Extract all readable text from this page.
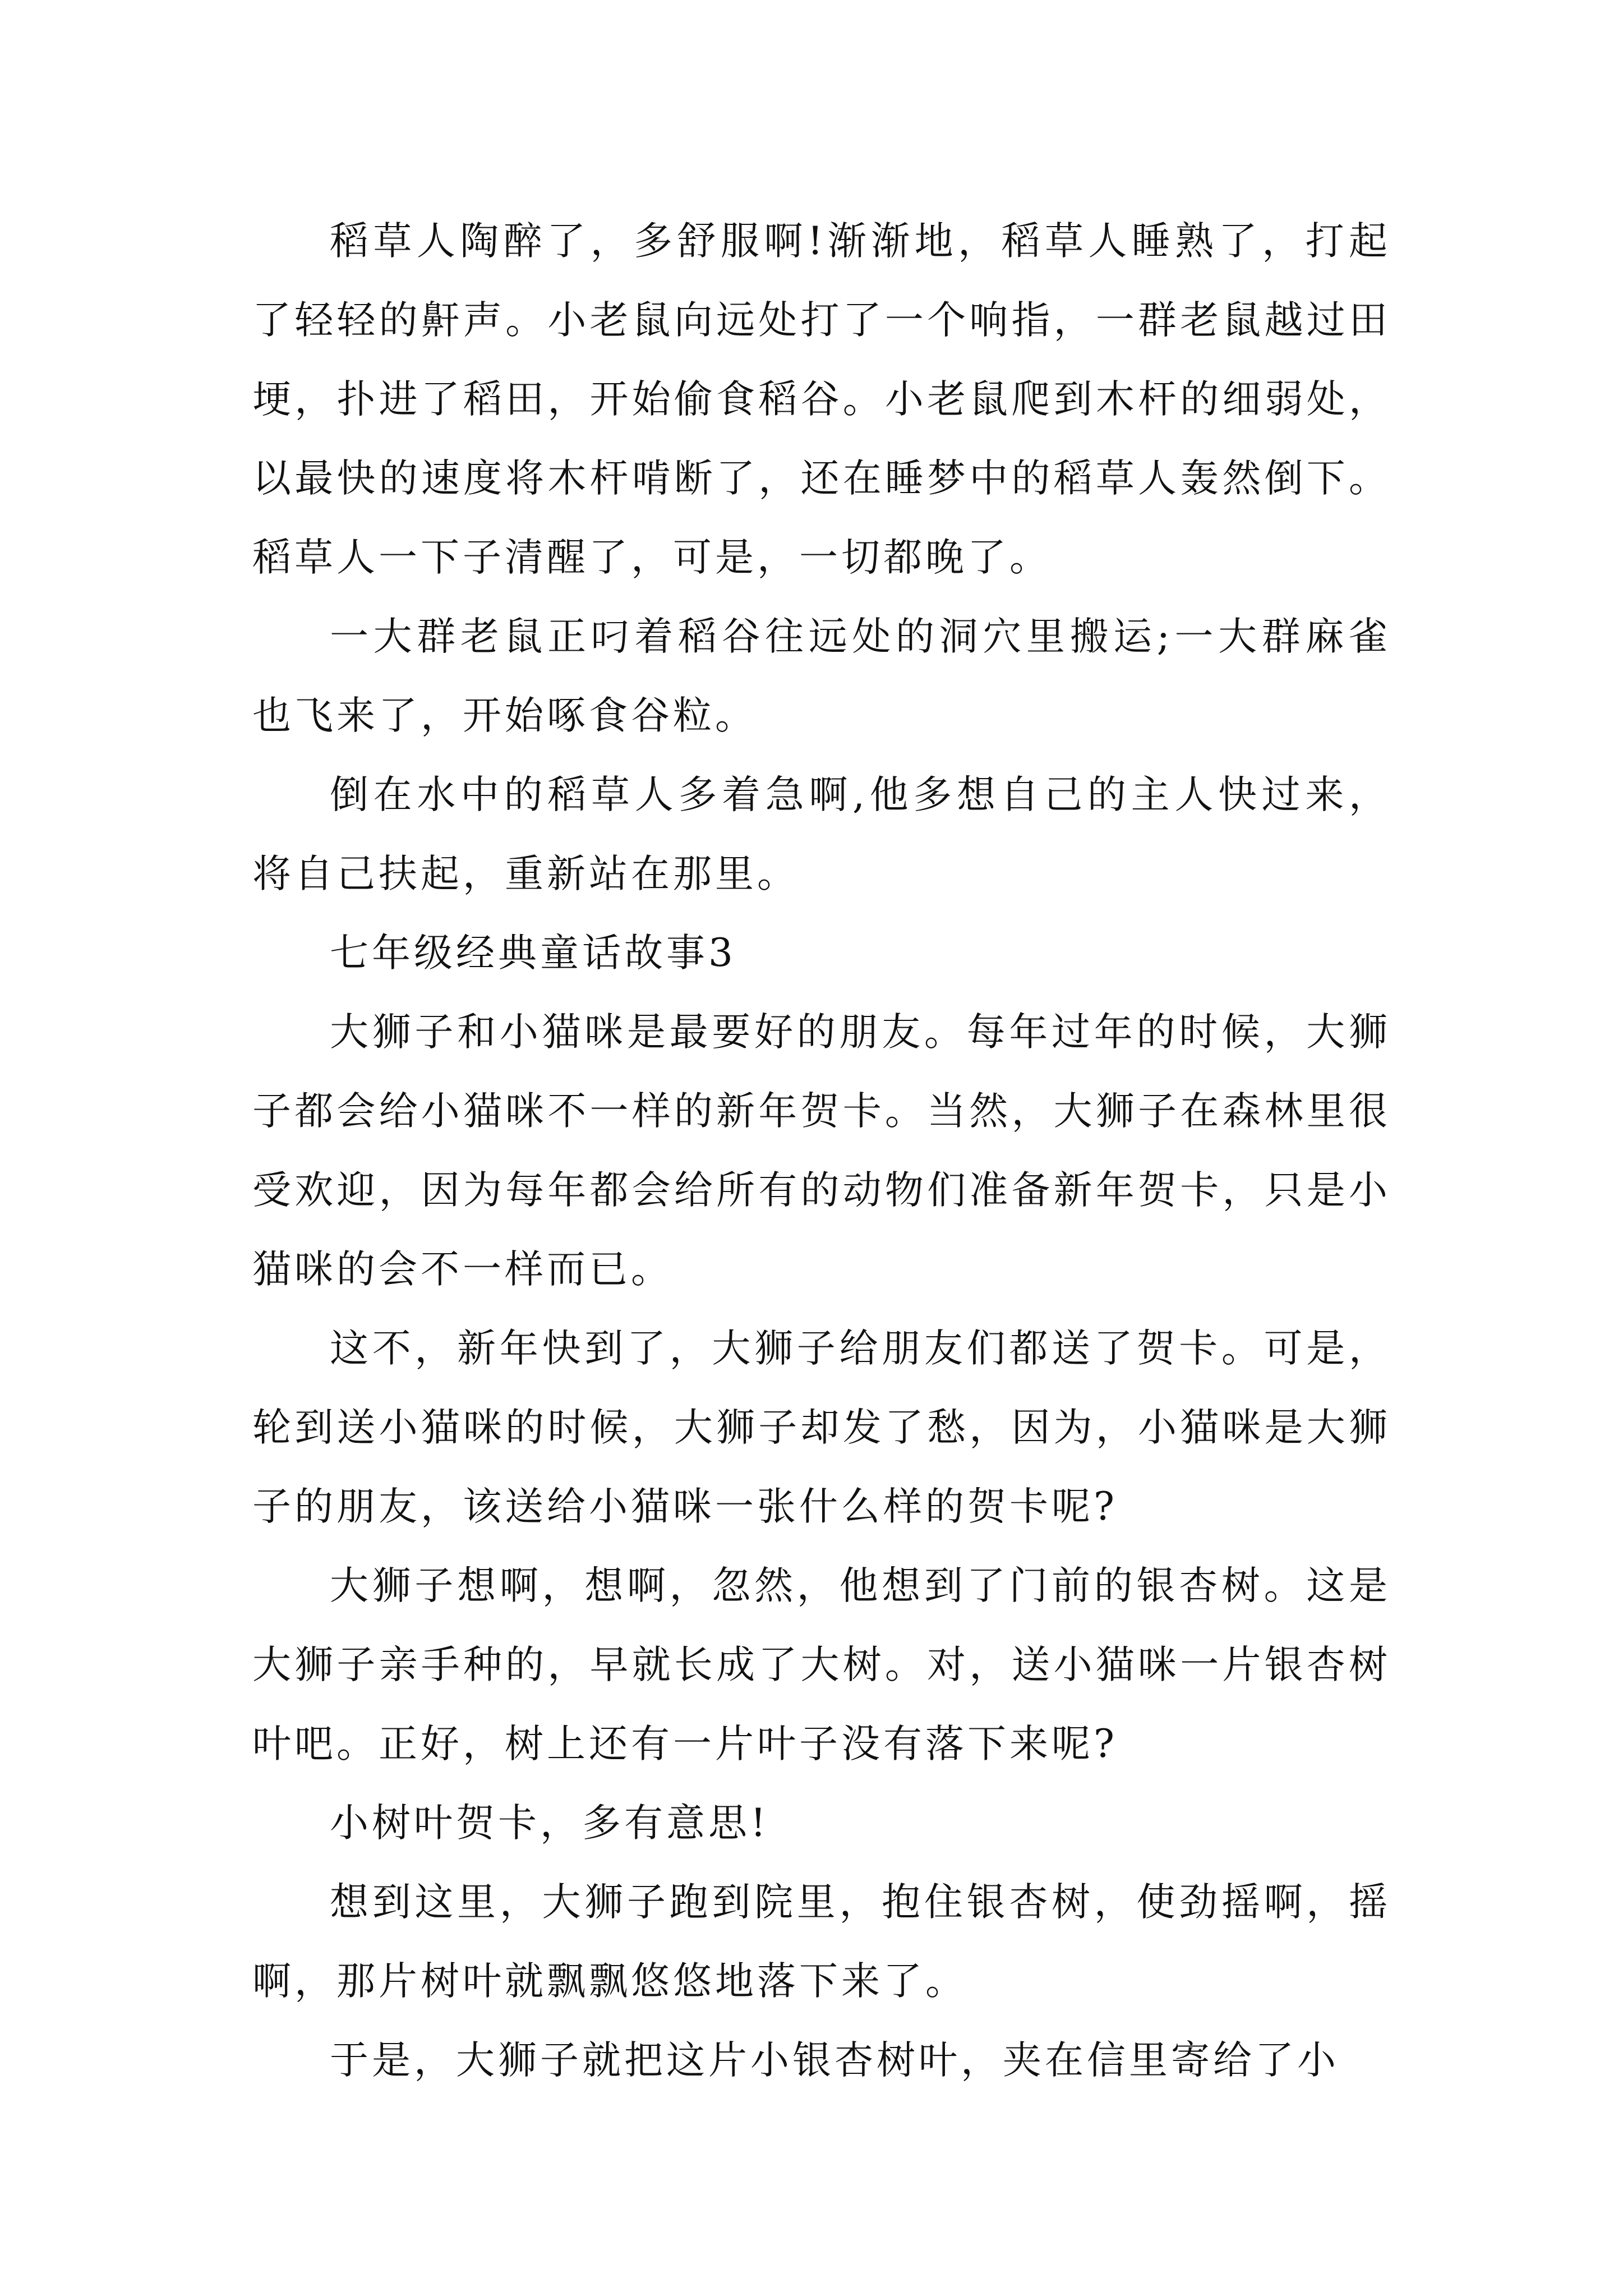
稻草人陶醉了，多舒服啊!渐渐地，稻草人睡熟了，打起了轻轻的鼾声。小老鼠向远处打了一个响指，一群老鼠越过田埂，扑进了稻田，开始偷食稻谷。小老鼠爬到木杆的细弱处，以最快的速度将木杆啃断了，还在睡梦中的稻草人轰然倒下。稻草人一下子清醒了，可是，一切都晚了。

一大群老鼠正叼着稻谷往远处的洞穴里搬运;一大群麻雀也飞来了，开始啄食谷粒。

倒在水中的稻草人多着急啊,他多想自己的主人快过来，将自己扶起，重新站在那里。

七年级经典童话故事3

大狮子和小猫咪是最要好的朋友。每年过年的时候，大狮子都会给小猫咪不一样的新年贺卡。当然，大狮子在森林里很受欢迎，因为每年都会给所有的动物们准备新年贺卡，只是小猫咪的会不一样而已。

这不，新年快到了，大狮子给朋友们都送了贺卡。可是，轮到送小猫咪的时候，大狮子却发了愁，因为，小猫咪是大狮子的朋友，该送给小猫咪一张什么样的贺卡呢?

大狮子想啊，想啊，忽然，他想到了门前的银杏树。这是大狮子亲手种的，早就长成了大树。对，送小猫咪一片银杏树叶吧。正好，树上还有一片叶子没有落下来呢?

小树叶贺卡，多有意思!

想到这里，大狮子跑到院里，抱住银杏树，使劲摇啊，摇啊，那片树叶就飘飘悠悠地落下来了。

于是，大狮子就把这片小银杏树叶，夹在信里寄给了小
